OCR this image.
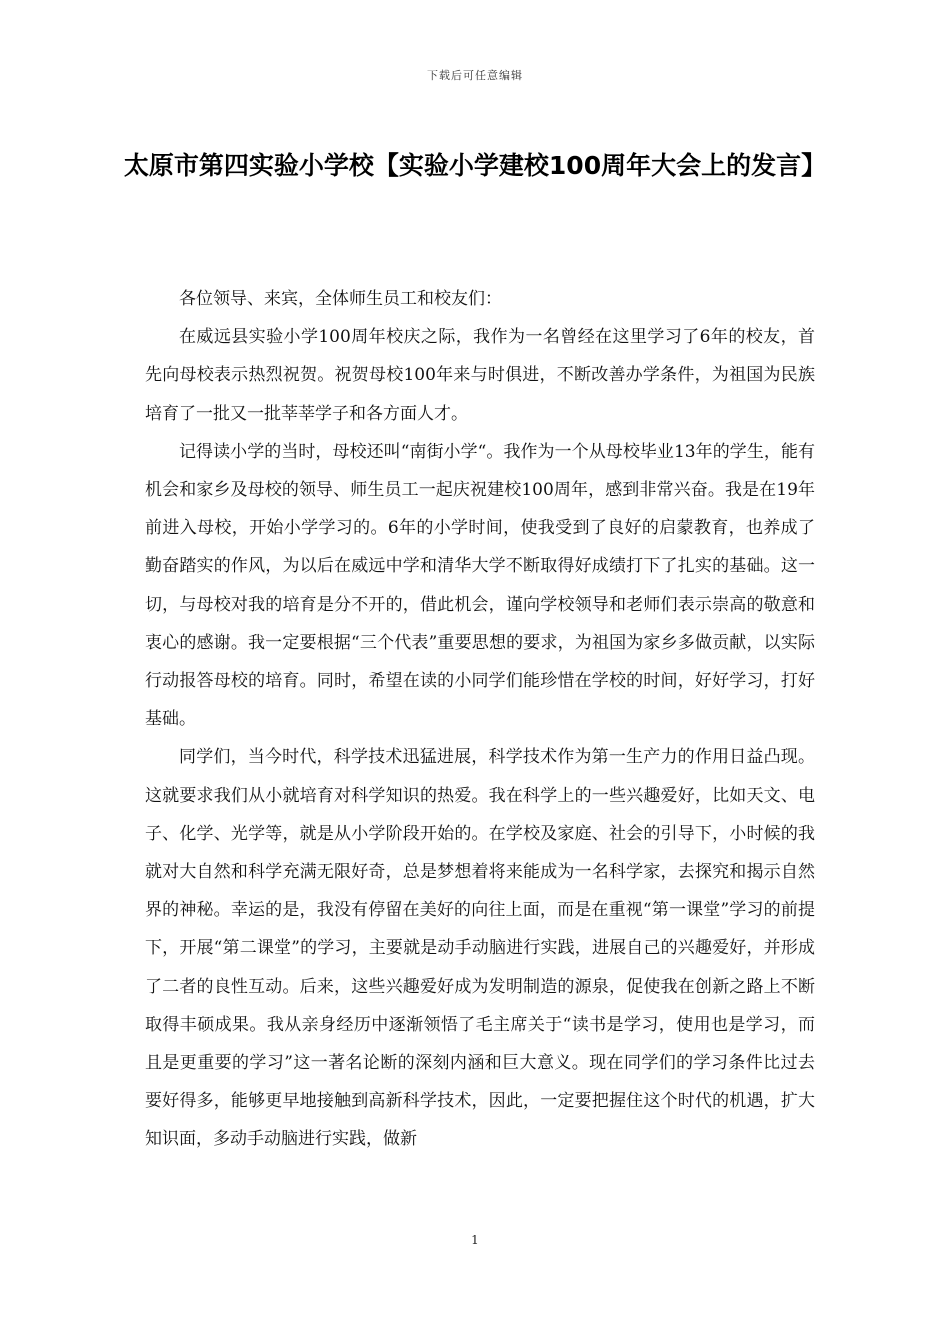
下载后可任意编辑
太原市第四实验小学校【实验小学建校100周年大会上的发言】

各位领导、来宾，全体师生员工和校友们：

在威远县实验小学100周年校庆之际，我作为一名曾经在这里学习了6年的校友，首先向母校表示热烈祝贺。祝贺母校100年来与时俱进，不断改善办学条件，为祖国为民族培育了一批又一批莘莘学子和各方面人才。

记得读小学的当时，母校还叫“南街小学“。我作为一个从母校毕业13年的学生，能有机会和家乡及母校的领导、师生员工一起庆祝建校100周年，感到非常兴奋。我是在19年前进入母校，开始小学学习的。6年的小学时间，使我受到了良好的启蒙教育，也养成了勤奋踏实的作风，为以后在威远中学和清华大学不断取得好成绩打下了扎实的基础。这一切，与母校对我的培育是分不开的，借此机会，谨向学校领导和老师们表示崇高的敬意和衷心的感谢。我一定要根据“三个代表”重要思想的要求，为祖国为家乡多做贡献，以实际行动报答母校的培育。同时，希望在读的小同学们能珍惜在学校的时间，好好学习，打好基础。

同学们，当今时代，科学技术迅猛进展，科学技术作为第一生产力的作用日益凸现。这就要求我们从小就培育对科学知识的热爱。我在科学上的一些兴趣爱好，比如天文、电子、化学、光学等，就是从小学阶段开始的。在学校及家庭、社会的引导下，小时候的我就对大自然和科学充满无限好奇，总是梦想着将来能成为一名科学家，去探究和揭示自然界的神秘。幸运的是，我没有停留在美好的向往上面，而是在重视“第一课堂”学习的前提下，开展“第二课堂”的学习，主要就是动手动脑进行实践，进展自己的兴趣爱好，并形成了二者的良性互动。后来，这些兴趣爱好成为发明制造的源泉，促使我在创新之路上不断取得丰硕成果。我从亲身经历中逐渐领悟了毛主席关于“读书是学习，使用也是学习，而且是更重要的学习”这一著名论断的深刻内涵和巨大意义。现在同学们的学习条件比过去要好得多，能够更早地接触到高新科学技术，因此，一定要把握住这个时代的机遇，扩大知识面，多动手动脑进行实践，做新

1
